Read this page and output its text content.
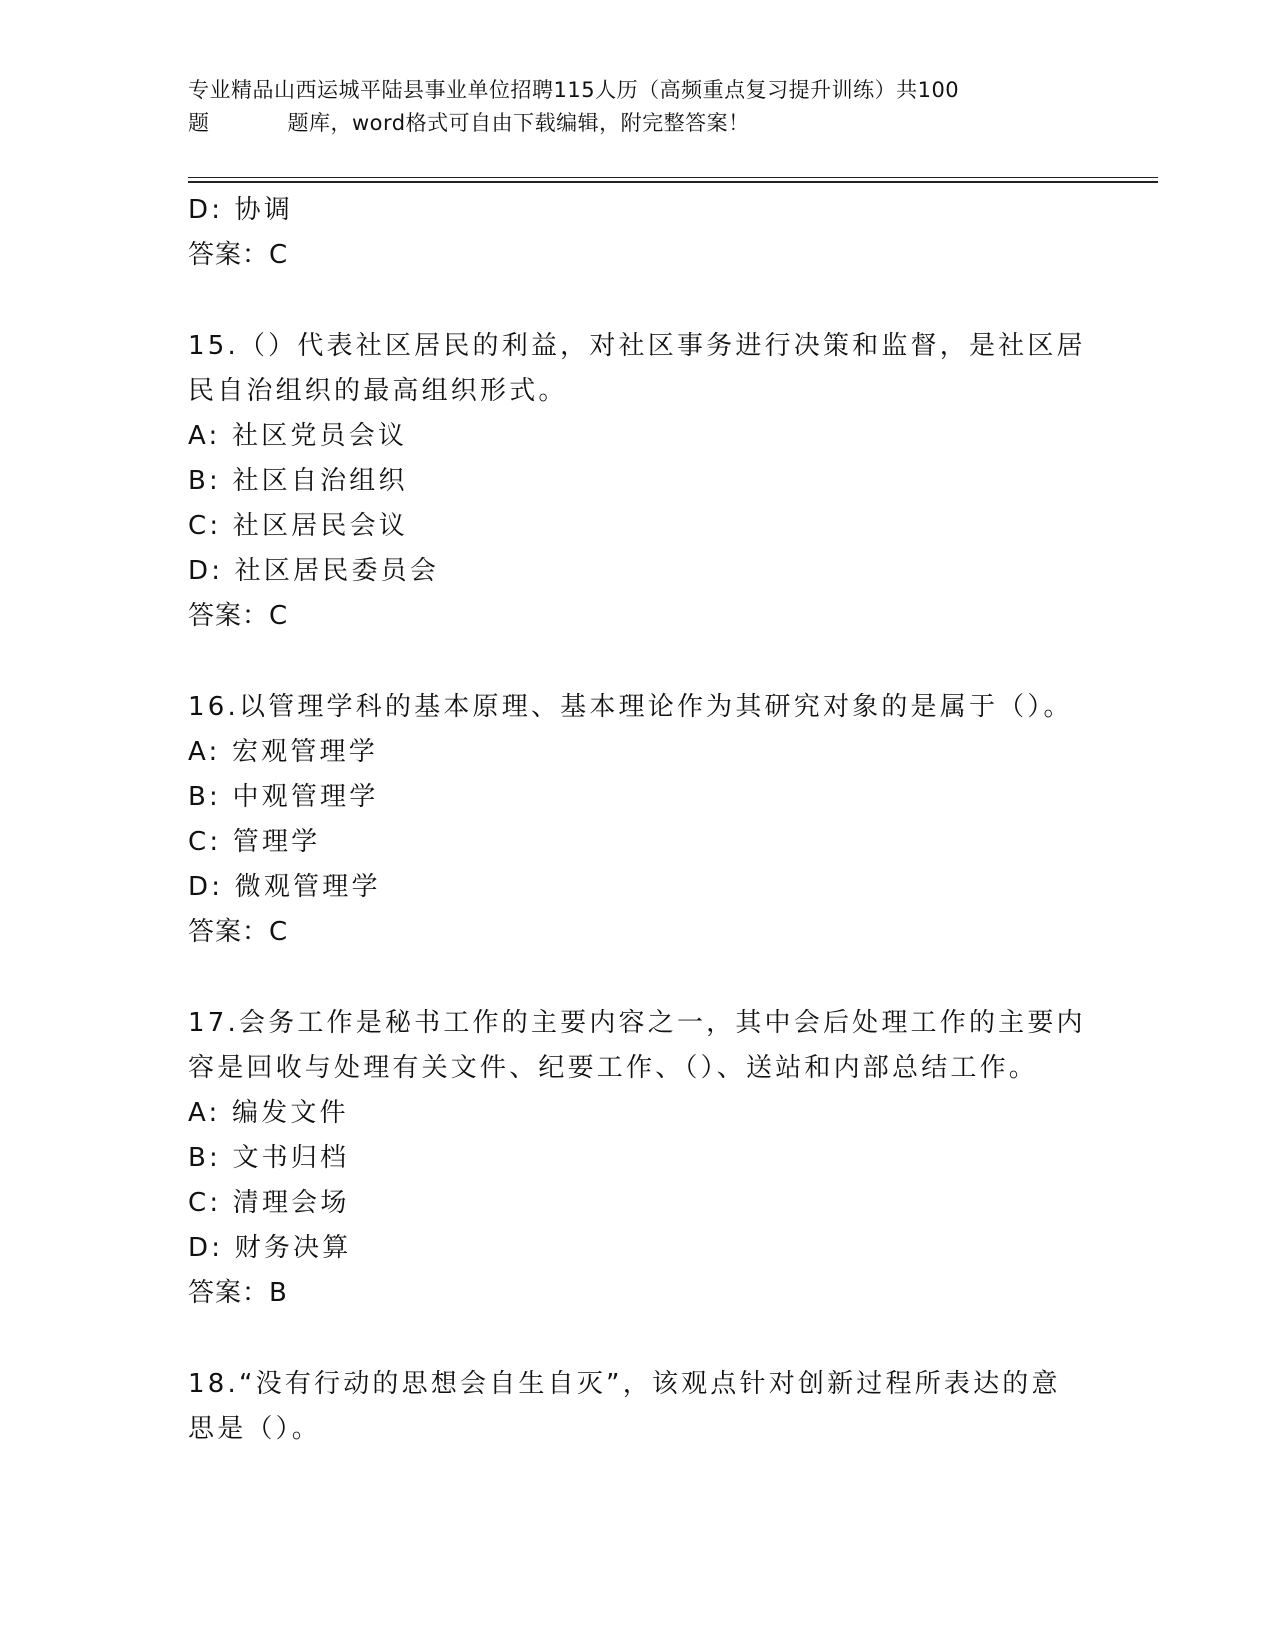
专业精品山西运城平陆县事业单位招聘115人历（高频重点复习提升训练）共100
题	题库，word格式可自由下载编辑，附完整答案！
D: 协调
答案：C
15.（）代表社区居民的利益，对社区事务进行决策和监督，是社区居
民自治组织的最高组织形式。
A: 社区党员会议
B: 社区自治组织
C: 社区居民会议
D: 社区居民委员会
答案：C
16.以管理学科的基本原理、基本理论作为其研究对象的是属于（）。
A: 宏观管理学
B: 中观管理学
C: 管理学
D: 微观管理学
答案：C
17.会务工作是秘书工作的主要内容之一，其中会后处理工作的主要内
容是回收与处理有关文件、纪要工作、（）、送站和内部总结工作。
A: 编发文件
B: 文书归档
C: 清理会场
D: 财务决算
答案：B
18.“没有行动的思想会自生自灭”，该观点针对创新过程所表达的意
思是（）。
